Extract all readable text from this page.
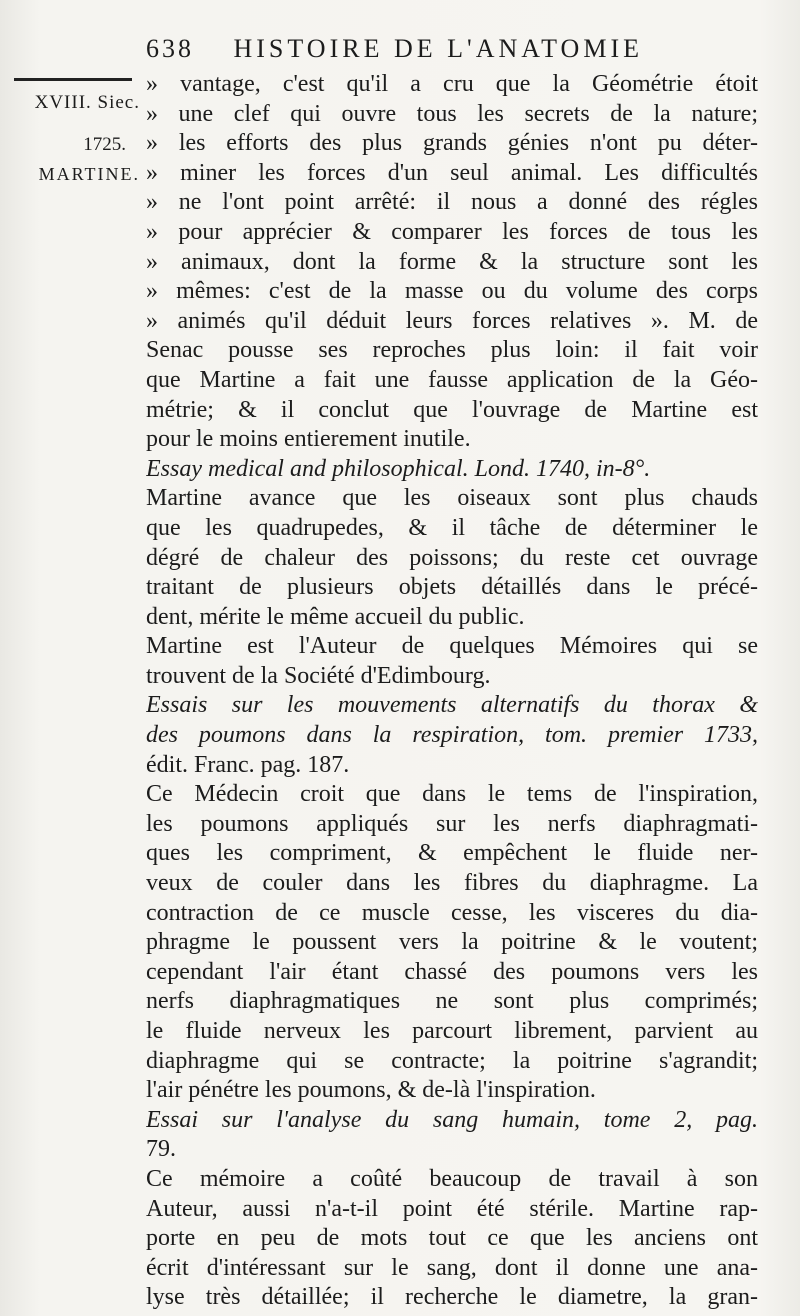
638 HISTOIRE DE L'ANATOMIE
XVIII. Siec.
1725.
MARTINE.
» vantage, c'est qu'il a cru que la Géométrie étoit
» une clef qui ouvre tous les secrets de la nature;
» les efforts des plus grands génies n'ont pu déter-
» miner les forces d'un seul animal. Les difficultés
» ne l'ont point arrêté: il nous a donné des régles
» pour apprécier & comparer les forces de tous les
» animaux, dont la forme & la structure sont les
» mêmes: c'est de la masse ou du volume des corps
» animés qu'il déduit leurs forces relatives ». M. de
Senac pousse ses reproches plus loin: il fait voir
que Martine a fait une fausse application de la Géo-
métrie; & il conclut que l'ouvrage de Martine est
pour le moins entierement inutile.
Essay medical and philosophical. Lond. 1740, in-8°.
Martine avance que les oiseaux sont plus chauds
que les quadrupedes, & il tâche de déterminer le
dégré de chaleur des poissons; du reste cet ouvrage
traitant de plusieurs objets détaillés dans le précé-
dent, mérite le même accueil du public.
Martine est l'Auteur de quelques Mémoires qui se
trouvent de la Société d'Edimbourg.
Essais sur les mouvements alternatifs du thorax &
des poumons dans la respiration, tom. premier 1733,
édit. Franc. pag. 187.
Ce Médecin croit que dans le tems de l'inspiration,
les poumons appliqués sur les nerfs diaphragmati-
ques les compriment, & empêchent le fluide ner-
veux de couler dans les fibres du diaphragme. La
contraction de ce muscle cesse, les visceres du dia-
phragme le poussent vers la poitrine & le voutent;
cependant l'air étant chassé des poumons vers les
nerfs diaphragmatiques ne sont plus comprimés;
le fluide nerveux les parcourt librement, parvient au
diaphragme qui se contracte; la poitrine s'agrandit;
l'air pénétre les poumons, & de-là l'inspiration.
Essai sur l'analyse du sang humain, tome 2, pag.
79.
Ce mémoire a coûté beaucoup de travail à son
Auteur, aussi n'a-t-il point été stérile. Martine rap-
porte en peu de mots tout ce que les anciens ont
écrit d'intéressant sur le sang, dont il donne une ana-
lyse très détaillée; il recherche le diametre, la gran-
